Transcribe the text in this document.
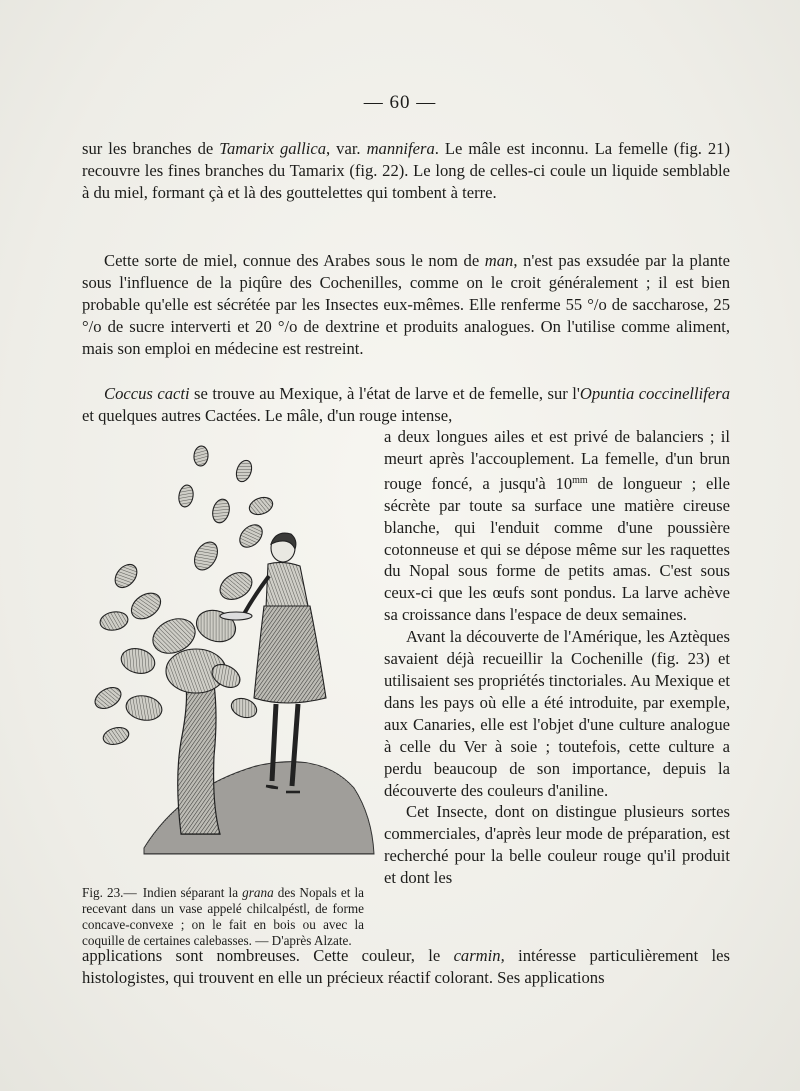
— 60 —

sur les branches de Tamarix gallica, var. mannifera. Le mâle est inconnu. La femelle (fig. 21) recouvre les fines branches du Tamarix (fig. 22). Le long de celles-ci coule un liquide semblable à du miel, formant çà et là des gouttelettes qui tombent à terre.

Cette sorte de miel, connue des Arabes sous le nom de man, n'est pas exsudée par la plante sous l'influence de la piqûre des Cochenilles, comme on le croit généralement ; il est bien probable qu'elle est sécrétée par les Insectes eux-mêmes. Elle renferme 55 °/o de saccharose, 25 °/o de sucre interverti et 20 °/o de dextrine et produits analogues. On l'utilise comme aliment, mais son emploi en médecine est restreint.

Coccus cacti se trouve au Mexique, à l'état de larve et de femelle, sur l'Opuntia coccinellifera et quelques autres Cactées. Le mâle, d'un rouge intense,

a deux longues ailes et est privé de balanciers ; il meurt après l'accouplement. La femelle, d'un brun rouge foncé, a jusqu'à $10^{mm}$ de longueur ; elle sécrète par toute sa surface une matière cireuse blanche, qui l'enduit comme d'une poussière cotonneuse et qui se dépose même sur les raquettes du Nopal sous forme de petits amas. C'est sous ceux-ci que les œufs sont pondus. La larve achève sa croissance dans l'espace de deux semaines.

Avant la découverte de l'Amérique, les Aztèques savaient déjà recueillir la Cochenille (fig. 23) et utilisaient ses propriétés tinctoriales. Au Mexique et dans les pays où elle a été introduite, par exemple, aux Canaries, elle est l'objet d'une culture analogue à celle du Ver à soie ; toutefois, cette culture a perdu beaucoup de son importance, depuis la découverte des couleurs d'aniline.

Cet Insecte, dont on distingue plusieurs sortes commerciales, d'après leur mode de préparation, est recherché pour la belle couleur rouge qu'il produit et dont les

applications sont nombreuses. Cette couleur, le carmin, intéresse particulièrement les histologistes, qui trouvent en elle un précieux réactif colorant. Ses applications

Fig. 23.— Indien séparant la grana des Nopals et la recevant dans un vase appelé chilcalpéstl, de forme concave-convexe ; on le fait en bois ou avec la coquille de certaines calebasses. — D'après Alzate.
